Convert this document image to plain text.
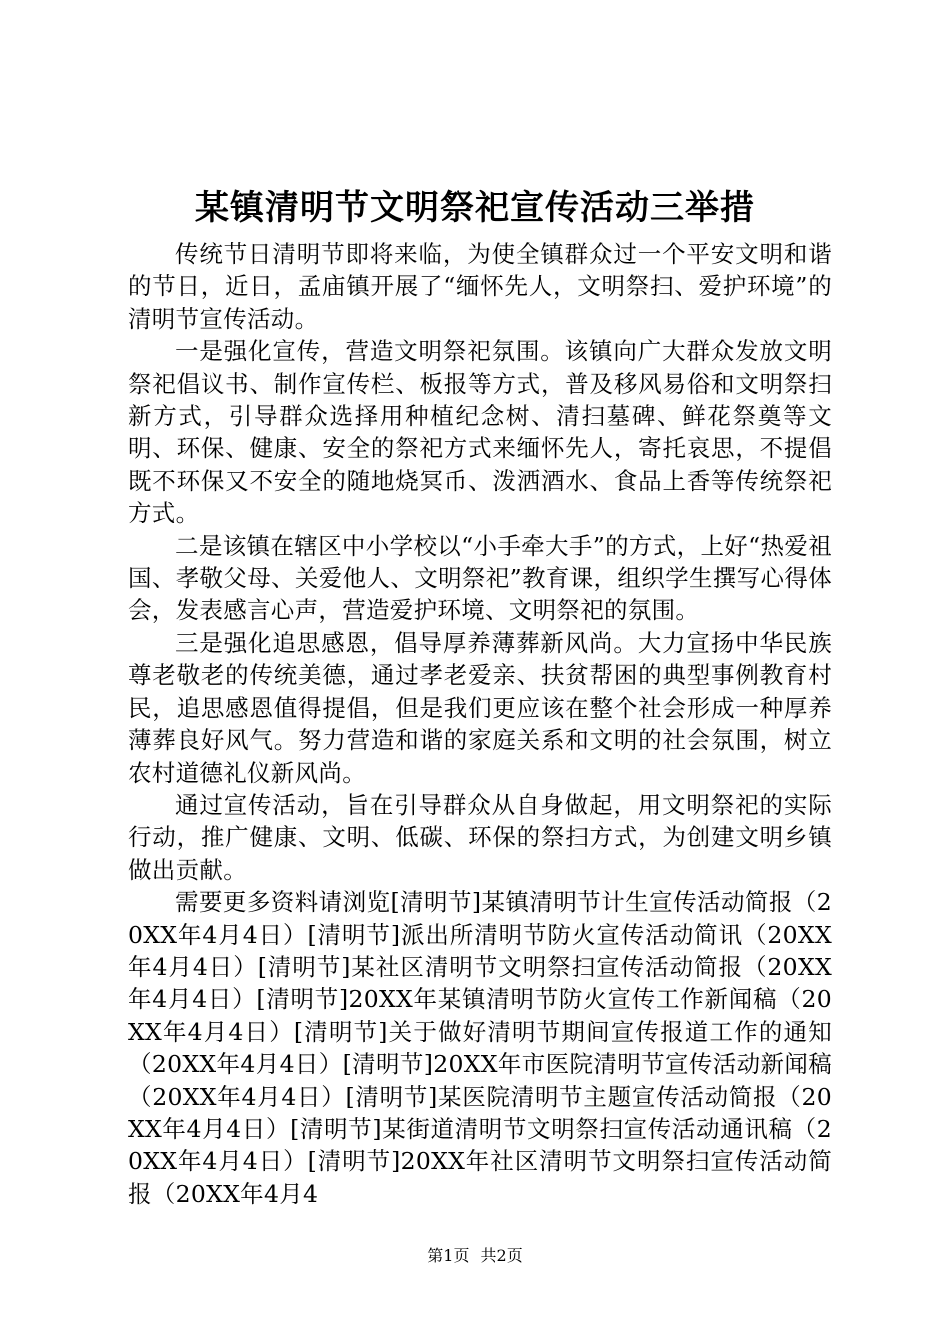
某镇清明节文明祭祀宣传活动三举措

传统节日清明节即将来临，为使全镇群众过一个平安文明和谐的节日，近日，孟庙镇开展了“缅怀先人，文明祭扫、爱护环境”的清明节宣传活动。

一是强化宣传，营造文明祭祀氛围。该镇向广大群众发放文明祭祀倡议书、制作宣传栏、板报等方式，普及移风易俗和文明祭扫新方式，引导群众选择用种植纪念树、清扫墓碑、鲜花祭奠等文明、环保、健康、安全的祭祀方式来缅怀先人，寄托哀思，不提倡既不环保又不安全的随地烧冥币、泼洒酒水、食品上香等传统祭祀方式。

二是该镇在辖区中小学校以“小手牵大手”的方式，上好“热爱祖国、孝敬父母、关爱他人、文明祭祀”教育课，组织学生撰写心得体会，发表感言心声，营造爱护环境、文明祭祀的氛围。

三是强化追思感恩，倡导厚养薄葬新风尚。大力宣扬中华民族尊老敬老的传统美德，通过孝老爱亲、扶贫帮困的典型事例教育村民，追思感恩值得提倡，但是我们更应该在整个社会形成一种厚养薄葬良好风气。努力营造和谐的家庭关系和文明的社会氛围，树立农村道德礼仪新风尚。

通过宣传活动，旨在引导群众从自身做起，用文明祭祀的实际行动，推广健康、文明、低碳、环保的祭扫方式，为创建文明乡镇做出贡献。

需要更多资料请浏览[清明节]某镇清明节计生宣传活动简报（20XX年4月4日）[清明节]派出所清明节防火宣传活动简讯（20XX年4月4日）[清明节]某社区清明节文明祭扫宣传活动简报（20XX年4月4日）[清明节]20XX年某镇清明节防火宣传工作新闻稿（20XX年4月4日）[清明节]关于做好清明节期间宣传报道工作的通知（20XX年4月4日）[清明节]20XX年市医院清明节宣传活动新闻稿（20XX年4月4日）[清明节]某医院清明节主题宣传活动简报（20XX年4月4日）[清明节]某街道清明节文明祭扫宣传活动通讯稿（20XX年4月4日）[清明节]20XX年社区清明节文明祭扫宣传活动简报（20XX年4月4

第1页 共2页
